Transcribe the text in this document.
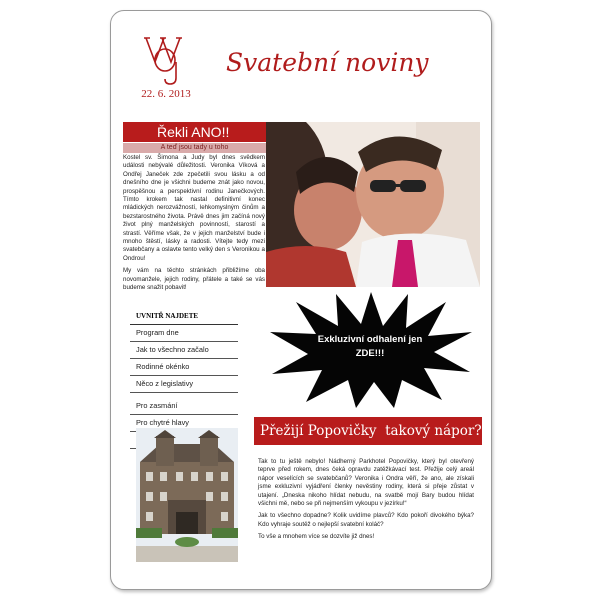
22. 6. 2013
Svatební noviny
Řekli ANO!!
A teď jsou tady u toho

Kostel sv. Šimona a Judy byl dnes svědkem události nebývalé důležitosti. Veronika Víková a Ondřej Janeček zde zpečetili svou lásku a od dnešního dne je všichni budeme znát jako novou, prospěšnou a perspektivní rodinu Janečkových. Tímto krokem tak nastal definitivní konec mládických nerozvážností, lehkomyslným činům a bezstarostného života. Právě dnes jim začíná nový život plný manželských povinností, starostí a strastí. Věříme však, že v jejich manželství bude i mnoho štěstí, lásky a radosti. Vítejte tedy mezi svatebčany a oslavte tento velký den s Veronikou a Ondrou!

My vám na těchto stránkách přibližíme oba novomanžele, jejich rodiny, přátele a také se vás budeme snažit pobavit!

UVNITŘ NAJDETE
Program dne
Jak to všechno začalo
Rodinné okénko
Něco z legislativy
Pro zasmání
Pro chytré hlavy
Exkluzivní odhalení jen
ZDE!!!
Přežijí Popovičky  takový nápor?

Tak to tu ještě nebylo! Nádherný Parkhotel Popovičky, který byl otevřený teprve před rokem, dnes čeká opravdu zatěžkávací test. Přežije celý areál nápor veselících se svatebčanů? Veronika i Ondra věří, že ano, ale získali jsme exkluzivní vyjádření členky nevěstiny rodiny, která si přeje zůstat v utajení. „Dneska nikoho hlídat nebudu, na svatbě mojí Bary budou hlídat všichni mě, nebo se při nejmenším vykoupu v jezírku!“

Jak to všechno dopadne? Kolik uvidíme plavců? Kdo pokoří divokého býka? Kdo vyhraje soutěž o nejlepší svatební koláč?

To vše a mnohem více se dozvíte již dnes!
